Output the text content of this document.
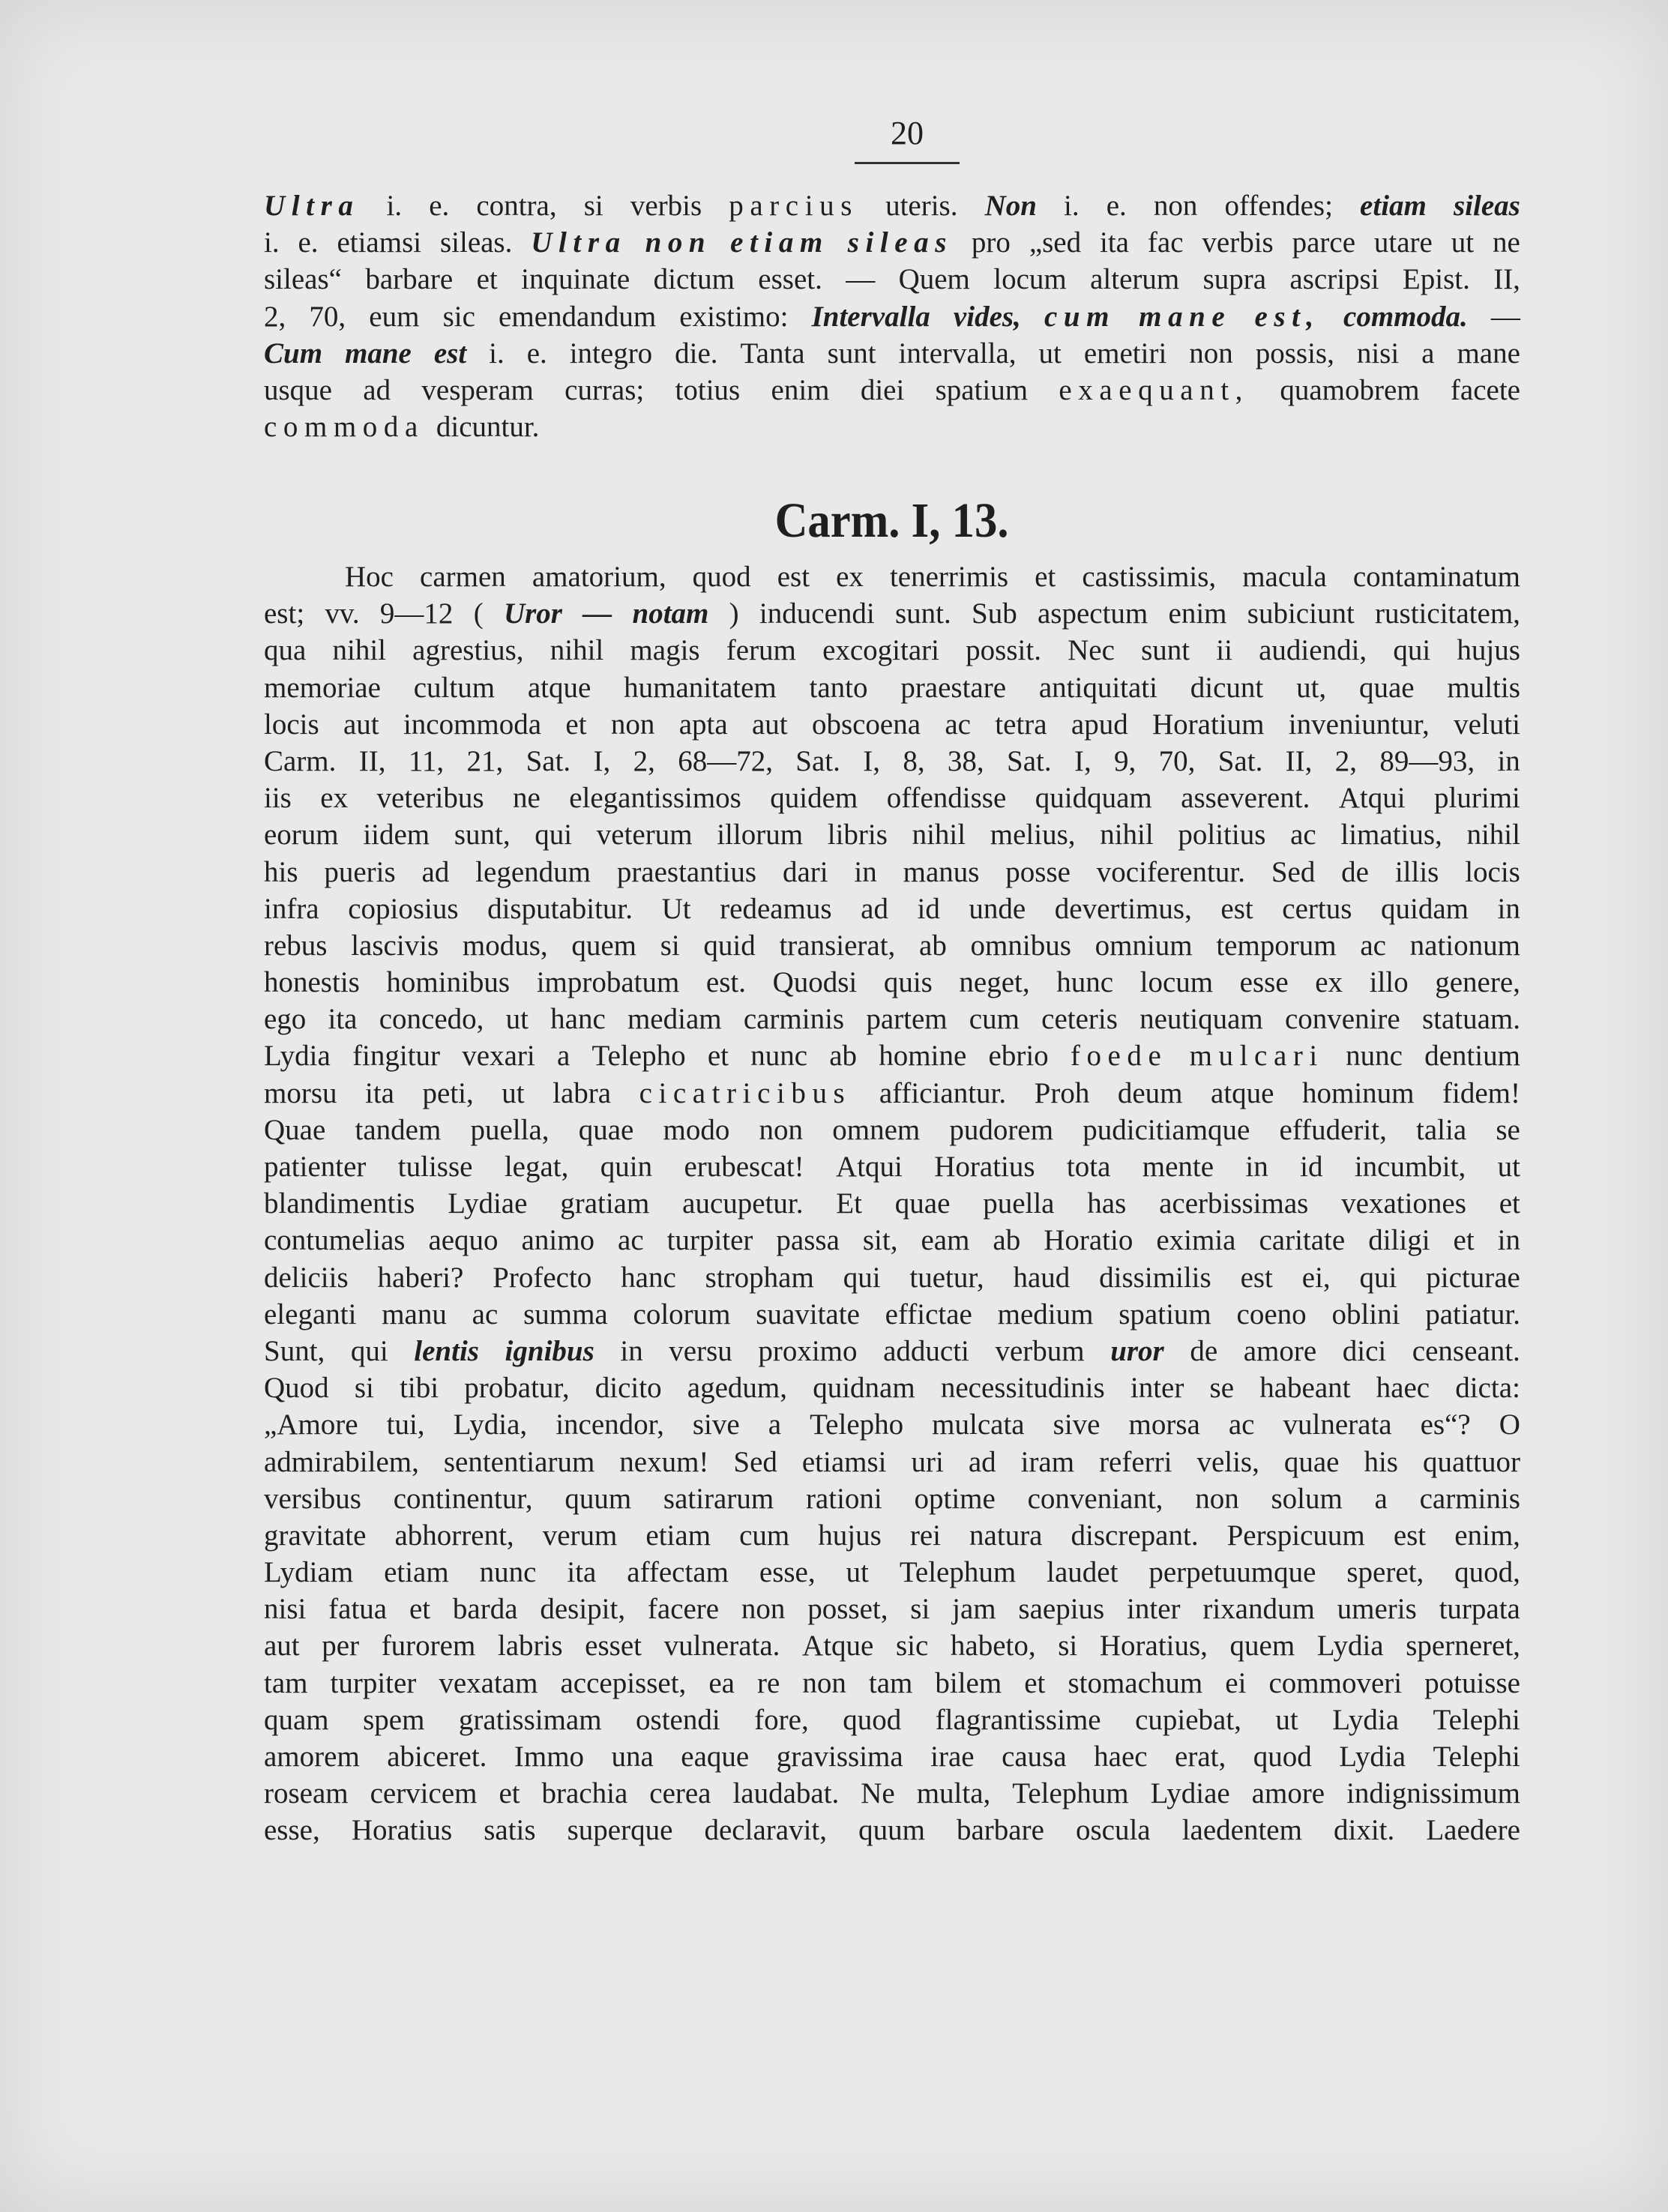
20
Ultra i. e. contra, si verbis parcius uteris. Non i. e. non offendes; etiam sileas
i. e. etiamsi sileas. Ultra non etiam sileas pro „sed ita fac verbis parce utare ut ne
sileas“ barbare et inquinate dictum esset. — Quem locum alterum supra ascripsi Epist. II,
2, 70, eum sic emendandum existimo: Intervalla vides, cum mane est, commoda. —
Cum mane est i. e. integro die. Tanta sunt intervalla, ut emetiri non possis, nisi a mane
usque ad vesperam curras; totius enim diei spatium exaequant, quamobrem facete
commoda dicuntur.
Carm. I, 13.
Hoc carmen amatorium, quod est ex tenerrimis et castissimis, macula contaminatum
est; vv. 9—12 ( Uror — notam ) inducendi sunt. Sub aspectum enim subiciunt rusticitatem,
qua nihil agrestius, nihil magis ferum excogitari possit. Nec sunt ii audiendi, qui hujus
memoriae cultum atque humanitatem tanto praestare antiquitati dicunt ut, quae multis
locis aut incommoda et non apta aut obscoena ac tetra apud Horatium inveniuntur, veluti
Carm. II, 11, 21, Sat. I, 2, 68—72, Sat. I, 8, 38, Sat. I, 9, 70, Sat. II, 2, 89—93, in
iis ex veteribus ne elegantissimos quidem offendisse quidquam asseverent. Atqui plurimi
eorum iidem sunt, qui veterum illorum libris nihil melius, nihil politius ac limatius, nihil
his pueris ad legendum praestantius dari in manus posse vociferentur. Sed de illis locis
infra copiosius disputabitur. Ut redeamus ad id unde devertimus, est certus quidam in
rebus lascivis modus, quem si quid transierat, ab omnibus omnium temporum ac nationum
honestis hominibus improbatum est. Quodsi quis neget, hunc locum esse ex illo genere,
ego ita concedo, ut hanc mediam carminis partem cum ceteris neutiquam convenire statuam.
Lydia fingitur vexari a Telepho et nunc ab homine ebrio foede mulcari nunc dentium
morsu ita peti, ut labra cicatricibus afficiantur. Proh deum atque hominum fidem!
Quae tandem puella, quae modo non omnem pudorem pudicitiamque effuderit, talia se
patienter tulisse legat, quin erubescat! Atqui Horatius tota mente in id incumbit, ut
blandimentis Lydiae gratiam aucupetur. Et quae puella has acerbissimas vexationes et
contumelias aequo animo ac turpiter passa sit, eam ab Horatio eximia caritate diligi et in
deliciis haberi? Profecto hanc stropham qui tuetur, haud dissimilis est ei, qui picturae
eleganti manu ac summa colorum suavitate effictae medium spatium coeno oblini patiatur.
Sunt, qui lentis ignibus in versu proximo adducti verbum uror de amore dici censeant.
Quod si tibi probatur, dicito agedum, quidnam necessitudinis inter se habeant haec dicta:
„Amore tui, Lydia, incendor, sive a Telepho mulcata sive morsa ac vulnerata es“? O
admirabilem, sententiarum nexum! Sed etiamsi uri ad iram referri velis, quae his quattuor
versibus continentur, quum satirarum rationi optime conveniant, non solum a carminis
gravitate abhorrent, verum etiam cum hujus rei natura discrepant. Perspicuum est enim,
Lydiam etiam nunc ita affectam esse, ut Telephum laudet perpetuumque speret, quod,
nisi fatua et barda desipit, facere non posset, si jam saepius inter rixandum umeris turpata
aut per furorem labris esset vulnerata. Atque sic habeto, si Horatius, quem Lydia sperneret,
tam turpiter vexatam accepisset, ea re non tam bilem et stomachum ei commoveri potuisse
quam spem gratissimam ostendi fore, quod flagrantissime cupiebat, ut Lydia Telephi
amorem abiceret. Immo una eaque gravissima irae causa haec erat, quod Lydia Telephi
roseam cervicem et brachia cerea laudabat. Ne multa, Telephum Lydiae amore indignissimum
esse, Horatius satis superque declaravit, quum barbare oscula laedentem dixit. Laedere
